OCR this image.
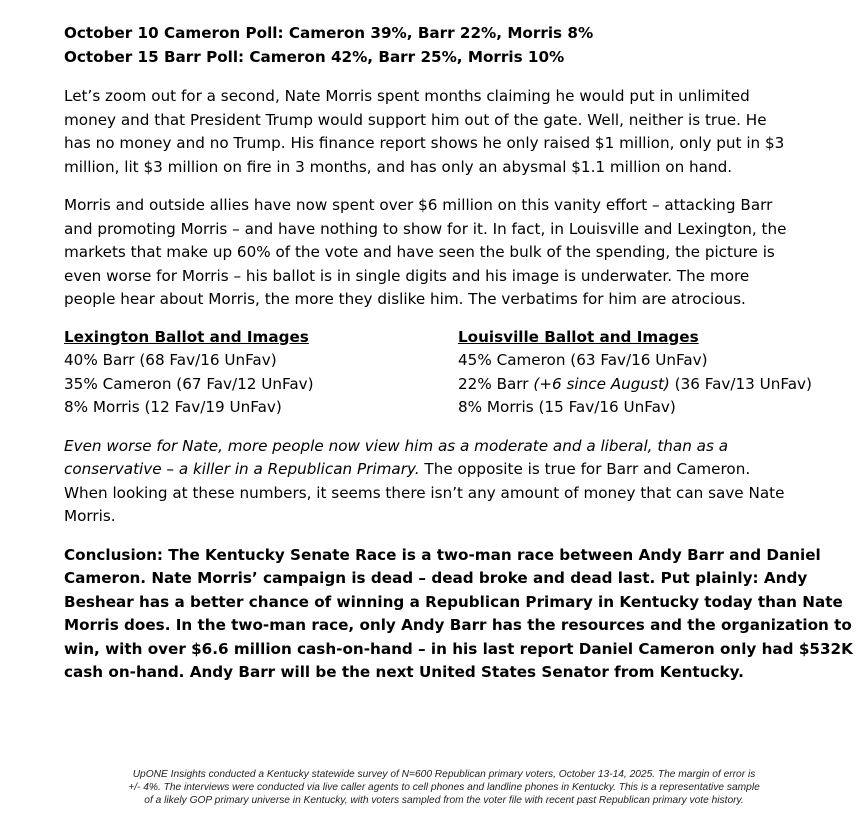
October 10 Cameron Poll: Cameron 39%, Barr 22%, Morris 8%
October 15 Barr Poll: Cameron 42%, Barr 25%, Morris 10%
Let’s zoom out for a second, Nate Morris spent months claiming he would put in unlimited
money and that President Trump would support him out of the gate. Well, neither is true. He
has no money and no Trump. His finance report shows he only raised $1 million, only put in $3
million, lit $3 million on fire in 3 months, and has only an abysmal $1.1 million on hand.
Morris and outside allies have now spent over $6 million on this vanity effort – attacking Barr
and promoting Morris – and have nothing to show for it. In fact, in Louisville and Lexington, the
markets that make up 60% of the vote and have seen the bulk of the spending, the picture is
even worse for Morris – his ballot is in single digits and his image is underwater. The more
people hear about Morris, the more they dislike him. The verbatims for him are atrocious.
Lexington Ballot and Images
40% Barr (68 Fav/16 UnFav)
35% Cameron (67 Fav/12 UnFav)
8% Morris (12 Fav/19 UnFav)
Louisville Ballot and Images
45% Cameron (63 Fav/16 UnFav)
22% Barr (+6 since August) (36 Fav/13 UnFav)
8% Morris (15 Fav/16 UnFav)
Even worse for Nate, more people now view him as a moderate and a liberal, than as a
conservative – a killer in a Republican Primary. The opposite is true for Barr and Cameron.
When looking at these numbers, it seems there isn’t any amount of money that can save Nate
Morris.
Conclusion: The Kentucky Senate Race is a two-man race between Andy Barr and Daniel
Cameron. Nate Morris’ campaign is dead – dead broke and dead last. Put plainly: Andy
Beshear has a better chance of winning a Republican Primary in Kentucky today than Nate
Morris does. In the two-man race, only Andy Barr has the resources and the organization to
win, with over $6.6 million cash-on-hand – in his last report Daniel Cameron only had $532K
cash on-hand. Andy Barr will be the next United States Senator from Kentucky.
UpONE Insights conducted a Kentucky statewide survey of N=600 Republican primary voters, October 13-14, 2025. The margin of error is
+/- 4%. The interviews were conducted via live caller agents to cell phones and landline phones in Kentucky. This is a representative sample
of a likely GOP primary universe in Kentucky, with voters sampled from the voter file with recent past Republican primary vote history.
